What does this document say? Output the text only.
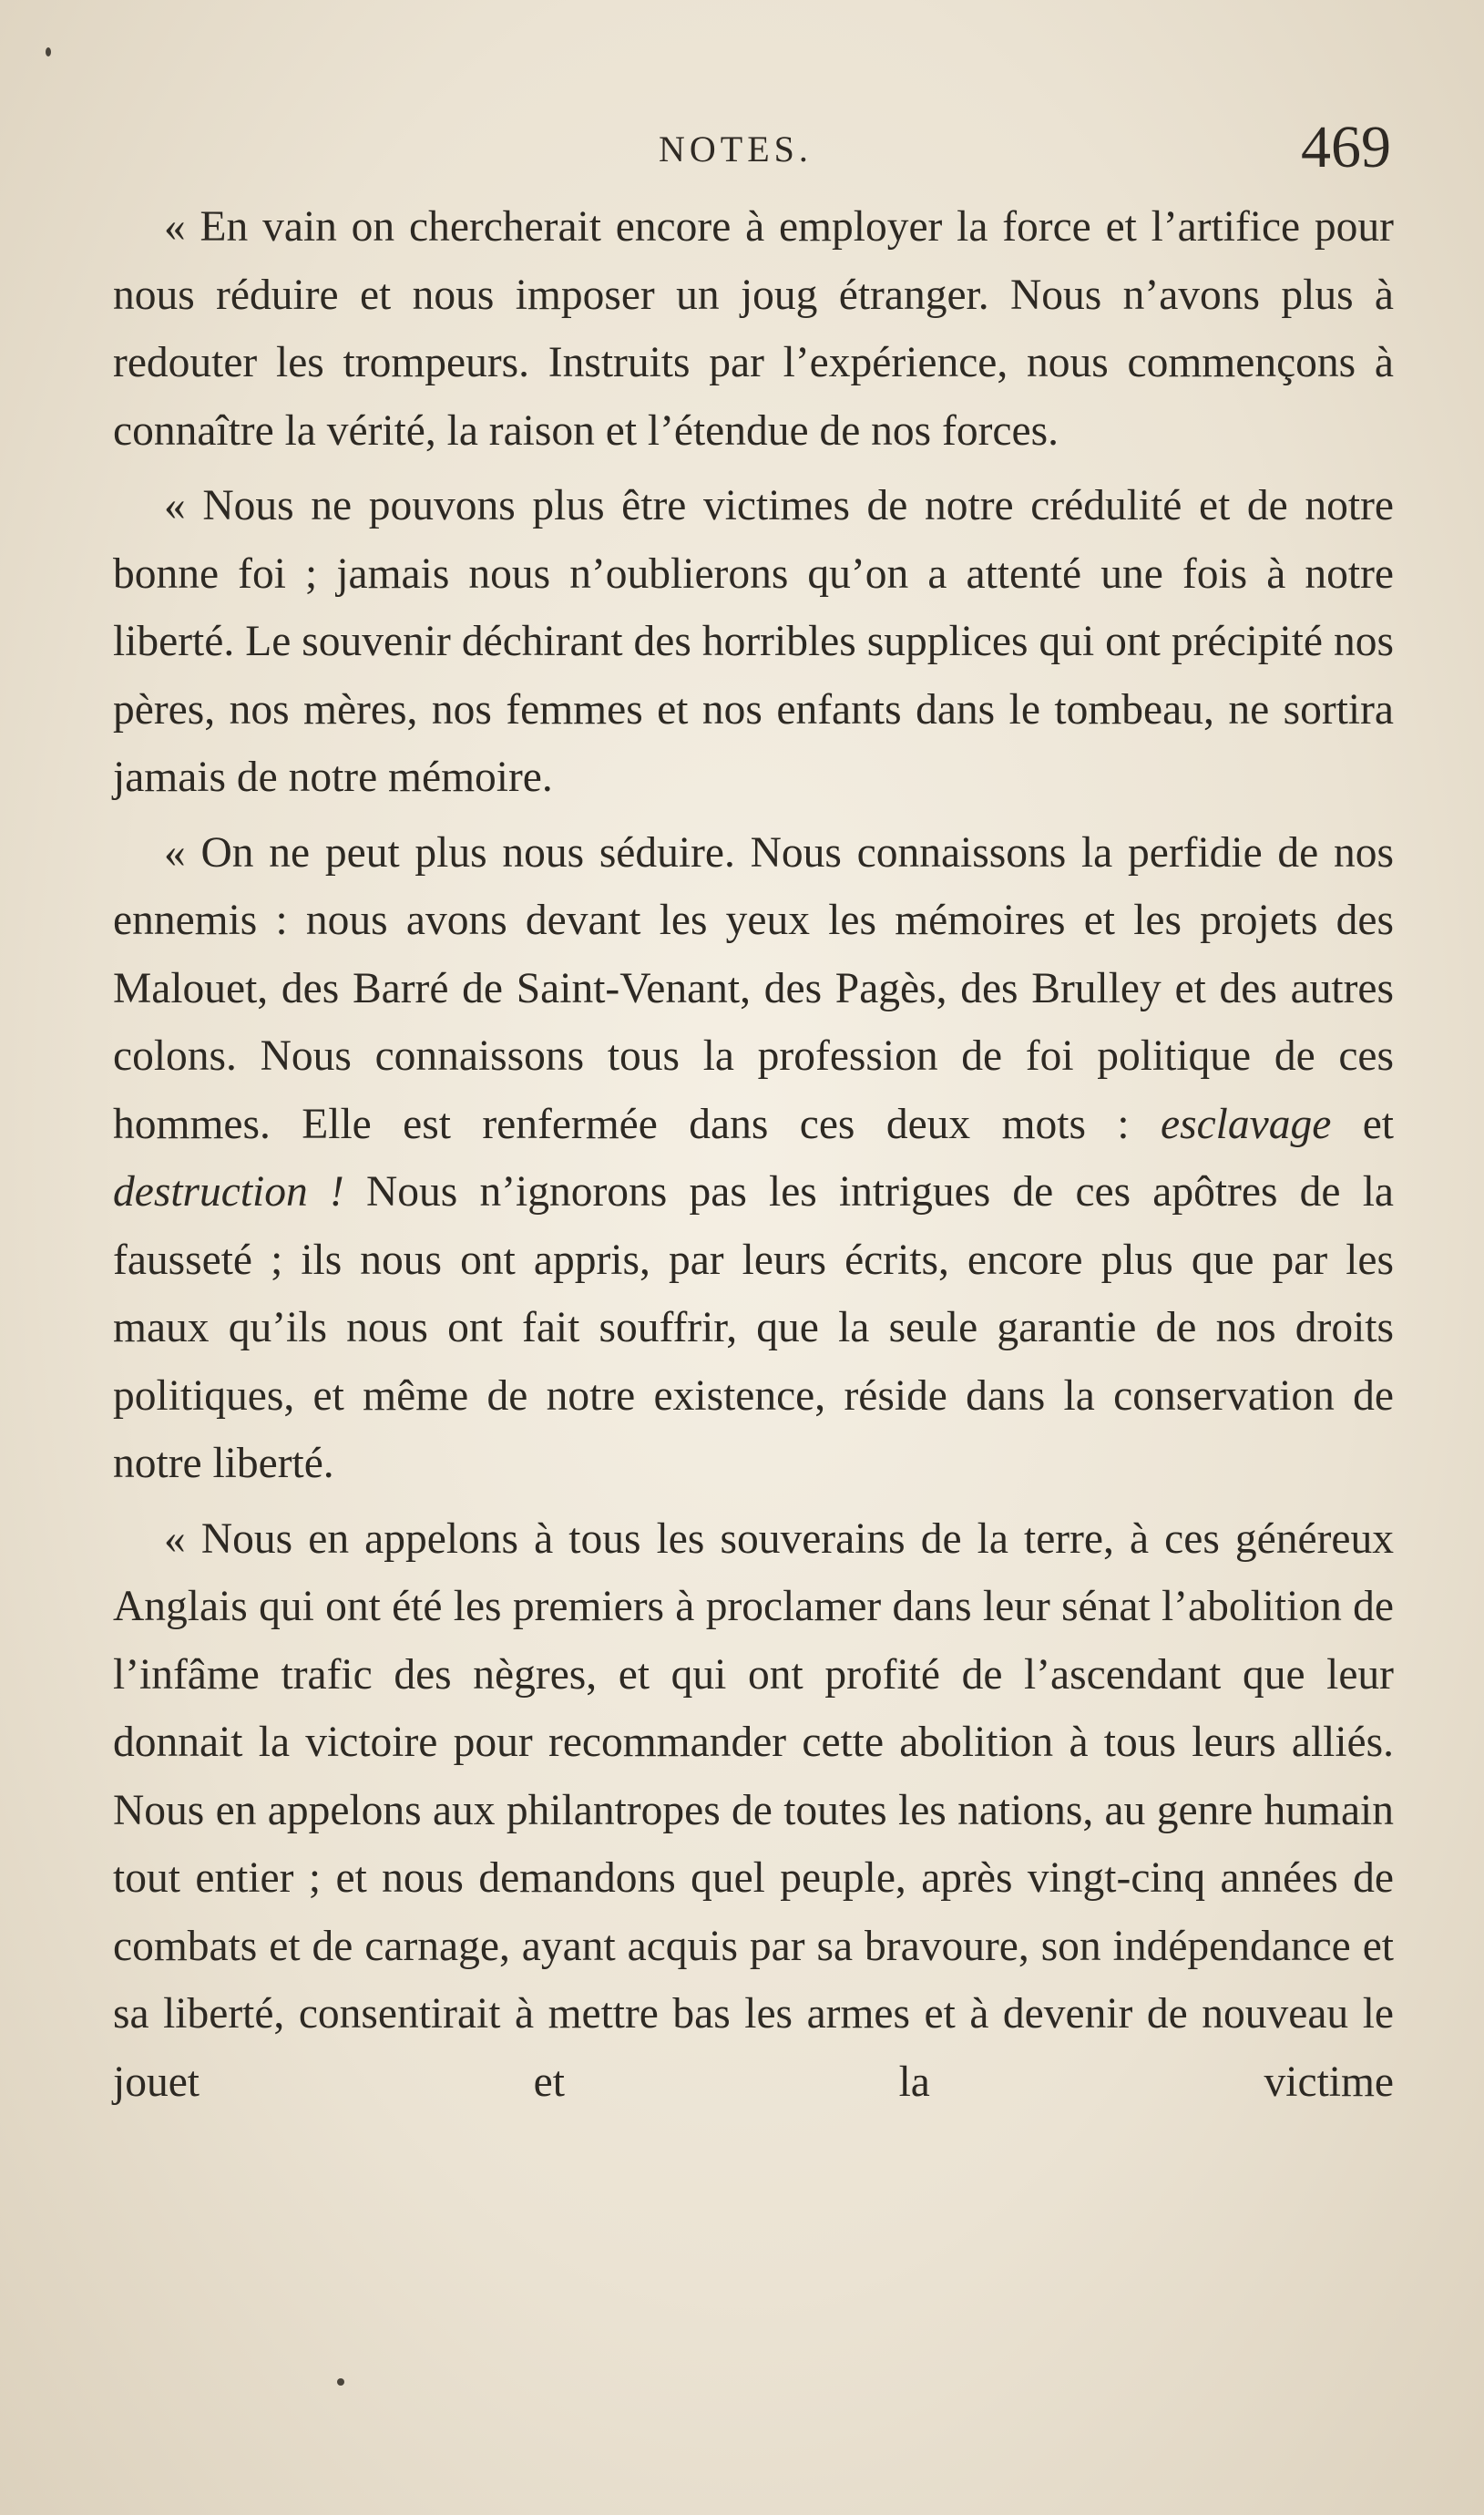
NOTES.	469

« En vain on chercherait encore à employer la force et l’artifice pour nous réduire et nous imposer un joug étranger. Nous n’avons plus à redouter les trompeurs. Instruits par l’expérience, nous commençons à connaître la vérité, la raison et l’étendue de nos forces.

« Nous ne pouvons plus être victimes de notre crédulité et de notre bonne foi ; jamais nous n’oublierons qu’on a attenté une fois à notre liberté. Le souvenir déchirant des horribles supplices qui ont précipité nos pères, nos mères, nos femmes et nos enfants dans le tombeau, ne sortira jamais de notre mémoire.

« On ne peut plus nous séduire. Nous connaissons la perfidie de nos ennemis : nous avons devant les yeux les mémoires et les projets des Malouet, des Barré de Saint-Venant, des Pagès, des Brulley et des autres colons. Nous connaissons tous la profession de foi politique de ces hommes. Elle est renfermée dans ces deux mots : esclavage et destruction ! Nous n’ignorons pas les intrigues de ces apôtres de la fausseté ; ils nous ont appris, par leurs écrits, encore plus que par les maux qu’ils nous ont fait souffrir, que la seule garantie de nos droits politiques, et même de notre existence, réside dans la conservation de notre liberté.

« Nous en appelons à tous les souverains de la terre, à ces généreux Anglais qui ont été les premiers à proclamer dans leur sénat l’abolition de l’infâme trafic des nègres, et qui ont profité de l’ascendant que leur donnait la victoire pour recommander cette abolition à tous leurs alliés. Nous en appelons aux philantropes de toutes les nations, au genre humain tout entier ; et nous demandons quel peuple, après vingt-cinq années de combats et de carnage, ayant acquis par sa bravoure, son indépendance et sa liberté, consentirait à mettre bas les armes et à devenir de nouveau le jouet et la victime
